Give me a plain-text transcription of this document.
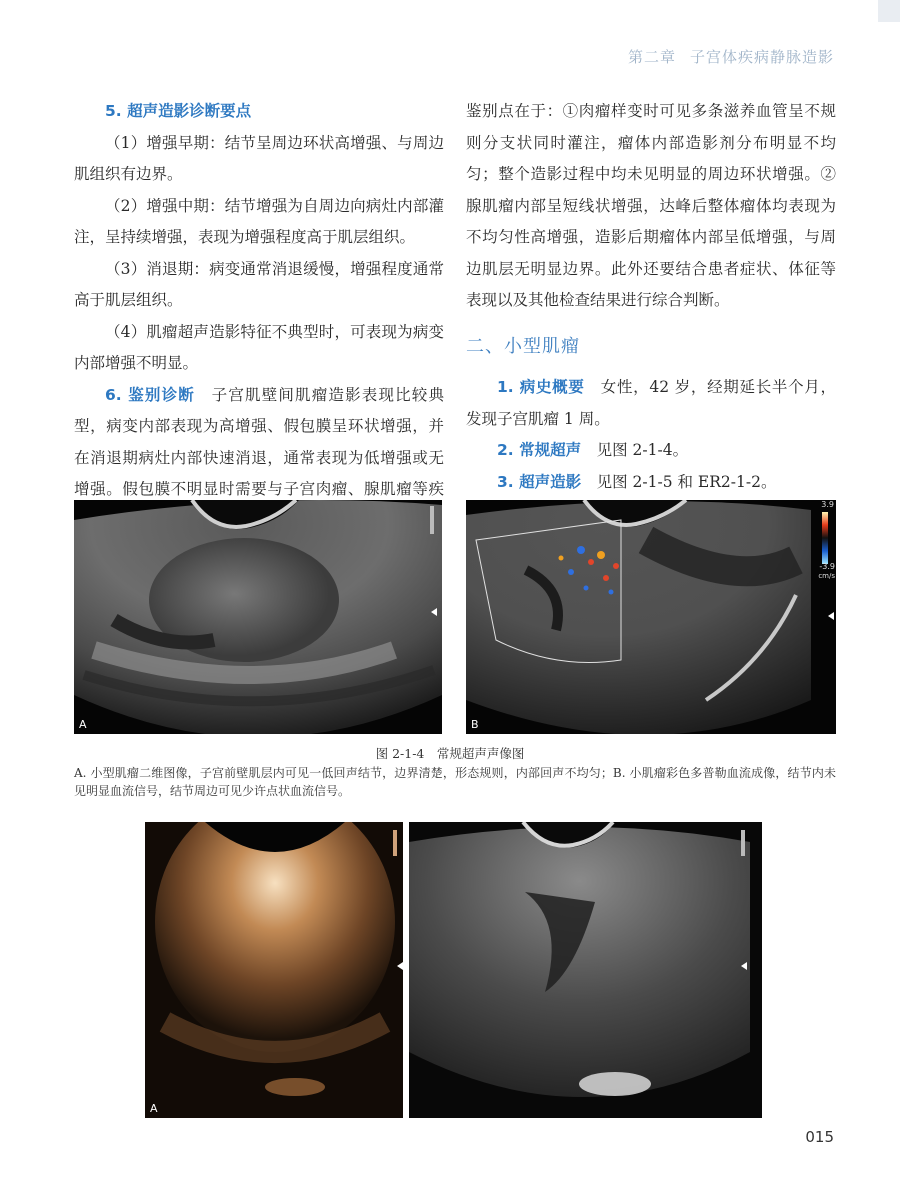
第二章 子宫体疾病静脉造影

5. 超声造影诊断要点

（1）增强早期：结节呈周边环状高增强、与周边肌组织有边界。

（2）增强中期：结节增强为自周边向病灶内部灌注，呈持续增强，表现为增强程度高于肌层组织。

（3）消退期：病变通常消退缓慢，增强程度通常高于肌层组织。

（4）肌瘤超声造影特征不典型时，可表现为病变内部增强不明显。

6. 鉴别诊断　 子宫肌壁间肌瘤造影表现比较典型，病变内部表现为高增强、假包膜呈环状增强，并在消退期病灶内部快速消退，通常表现为低增强或无增强。假包膜不明显时需要与子宫肉瘤、腺肌瘤等疾

鉴别点在于：①肉瘤样变时可见多条滋养血管呈不规则分支状同时灌注，瘤体内部造影剂分布明显不均匀；整个造影过程中均未见明显的周边环状增强。②腺肌瘤内部呈短线状增强，达峰后整体瘤体均表现为不均匀性高增强，造影后期瘤体内部呈低增强，与周边肌层无明显边界。此外还要结合患者症状、体征等表现以及其他检查结果进行综合判断。

二、小型肌瘤

1. 病史概要　 女性，42 岁，经期延长半个月，发现子宫肌瘤 1 周。

2. 常规超声　 见图 2-1-4。

3. 超声造影　 见图 2-1-5 和 ER2-1-2。

A
3.9
-3.9
cm/s
B
图 2-1-4　常规超声声像图
A. 小型肌瘤二维图像，子宫前壁肌层内可见一低回声结节，边界清楚，形态规则，内部回声不均匀；B. 小肌瘤彩色多普勒血流成像，结节内未见明显血流信号，结节周边可见少许点状血流信号。
A
015
